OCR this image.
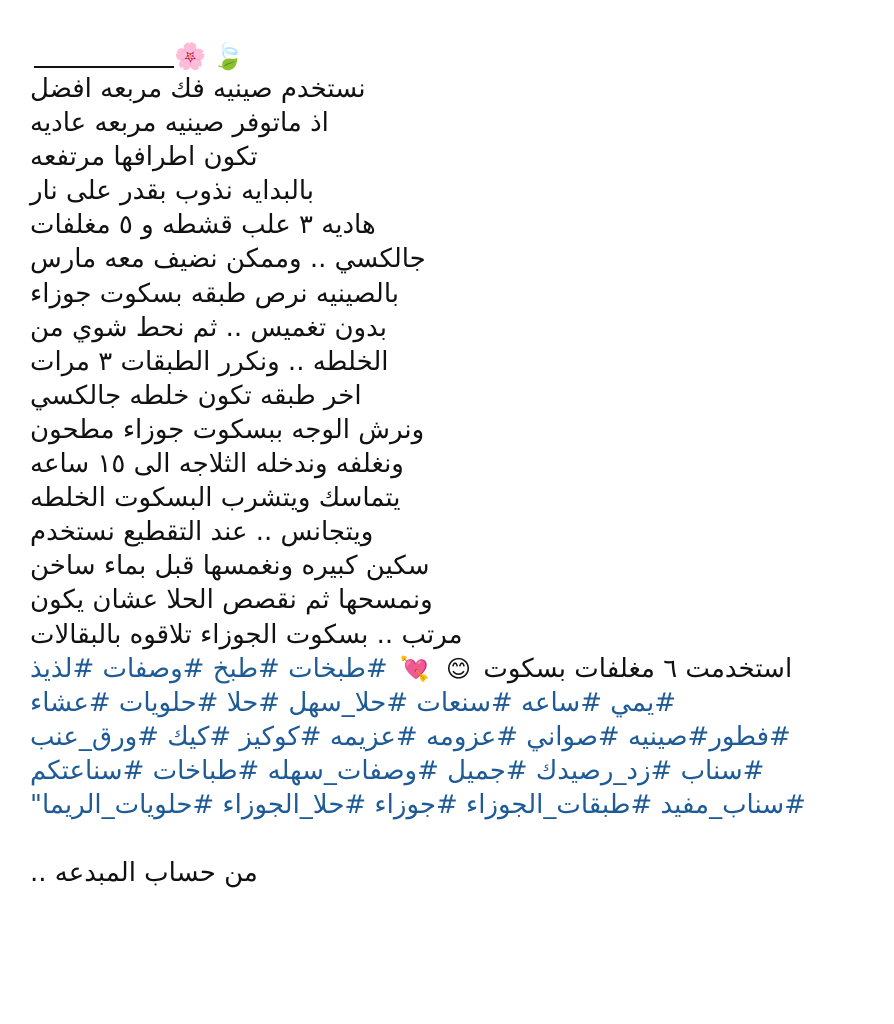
🌸 🍃
نستخدم صينيه فك مربعه افضل
اذ ماتوفر صينيه مربعه عاديه
تكون اطرافها مرتفعه
بالبدايه نذوب بقدر على نار
هاديه ٣ علب قشطه و ٥ مغلفات
جالكسي .. وممكن نضيف معه مارس
بالصينيه نرص طبقه بسكوت جوزاء
بدون تغميس .. ثم نحط شوي من
الخلطه .. ونكرر الطبقات ٣ مرات
اخر طبقه تكون خلطه جالكسي
ونرش الوجه ببسكوت جوزاء مطحون
ونغلفه وندخله الثلاجه الى ١٥ ساعه
يتماسك ويتشرب البسكوت الخلطه
ويتجانس .. عند التقطيع نستخدم
سكين كبيره ونغمسها قبل بماء ساخن
ونمسحها ثم نقصص الحلا عشان يكون
مرتب .. بسكوت الجوزاء تلاقوه بالبقالات
استخدمت ٦ مغلفات بسكوت 😊 💘 #طبخات #طبخ #وصفات #لذيذ
#يمي #ساعه #سنعات #حلا_سهل #حلا #حلويات #عشاء
#فطور#صينيه #صواني #عزومه #عزيمه #كوكيز #كيك #ورق_عنب
#سناب #زد_رصيدك #جميل #وصفات_سهله #طباخات #سناعتكم
#سناب_مفيد #طبقات_الجوزاء #جوزاء #حلا_الجوزاء #حلويات_الريما"
من حساب المبدعه ..
